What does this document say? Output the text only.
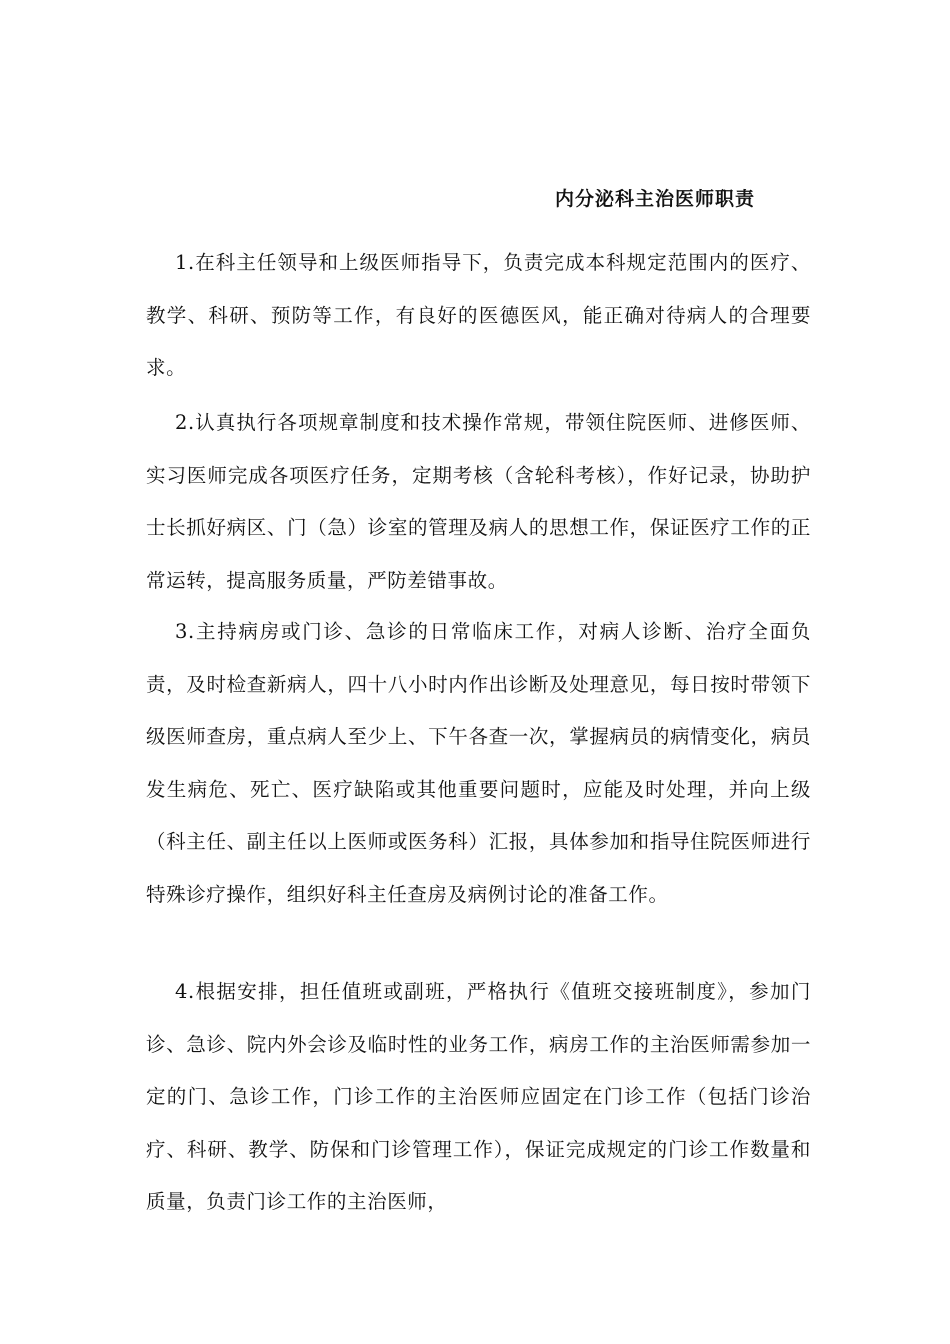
内分泌科主治医师职责

1.在科主任领导和上级医师指导下，负责完成本科规定范围内的医疗、教学、科研、预防等工作，有良好的医德医风，能正确对待病人的合理要求。

2.认真执行各项规章制度和技术操作常规，带领住院医师、进修医师、实习医师完成各项医疗任务，定期考核（含轮科考核），作好记录，协助护士长抓好病区、门（急）诊室的管理及病人的思想工作，保证医疗工作的正常运转，提高服务质量，严防差错事故。

3.主持病房或门诊、急诊的日常临床工作，对病人诊断、治疗全面负责，及时检查新病人，四十八小时内作出诊断及处理意见，每日按时带领下级医师查房，重点病人至少上、下午各查一次，掌握病员的病情变化，病员发生病危、死亡、医疗缺陷或其他重要问题时，应能及时处理，并向上级（科主任、副主任以上医师或医务科）汇报，具体参加和指导住院医师进行特殊诊疗操作，组织好科主任查房及病例讨论的准备工作。

4.根据安排，担任值班或副班，严格执行《值班交接班制度》，参加门诊、急诊、院内外会诊及临时性的业务工作，病房工作的主治医师需参加一定的门、急诊工作，门诊工作的主治医师应固定在门诊工作（包括门诊治疗、科研、教学、防保和门诊管理工作），保证完成规定的门诊工作数量和质量，负责门诊工作的主治医师，
